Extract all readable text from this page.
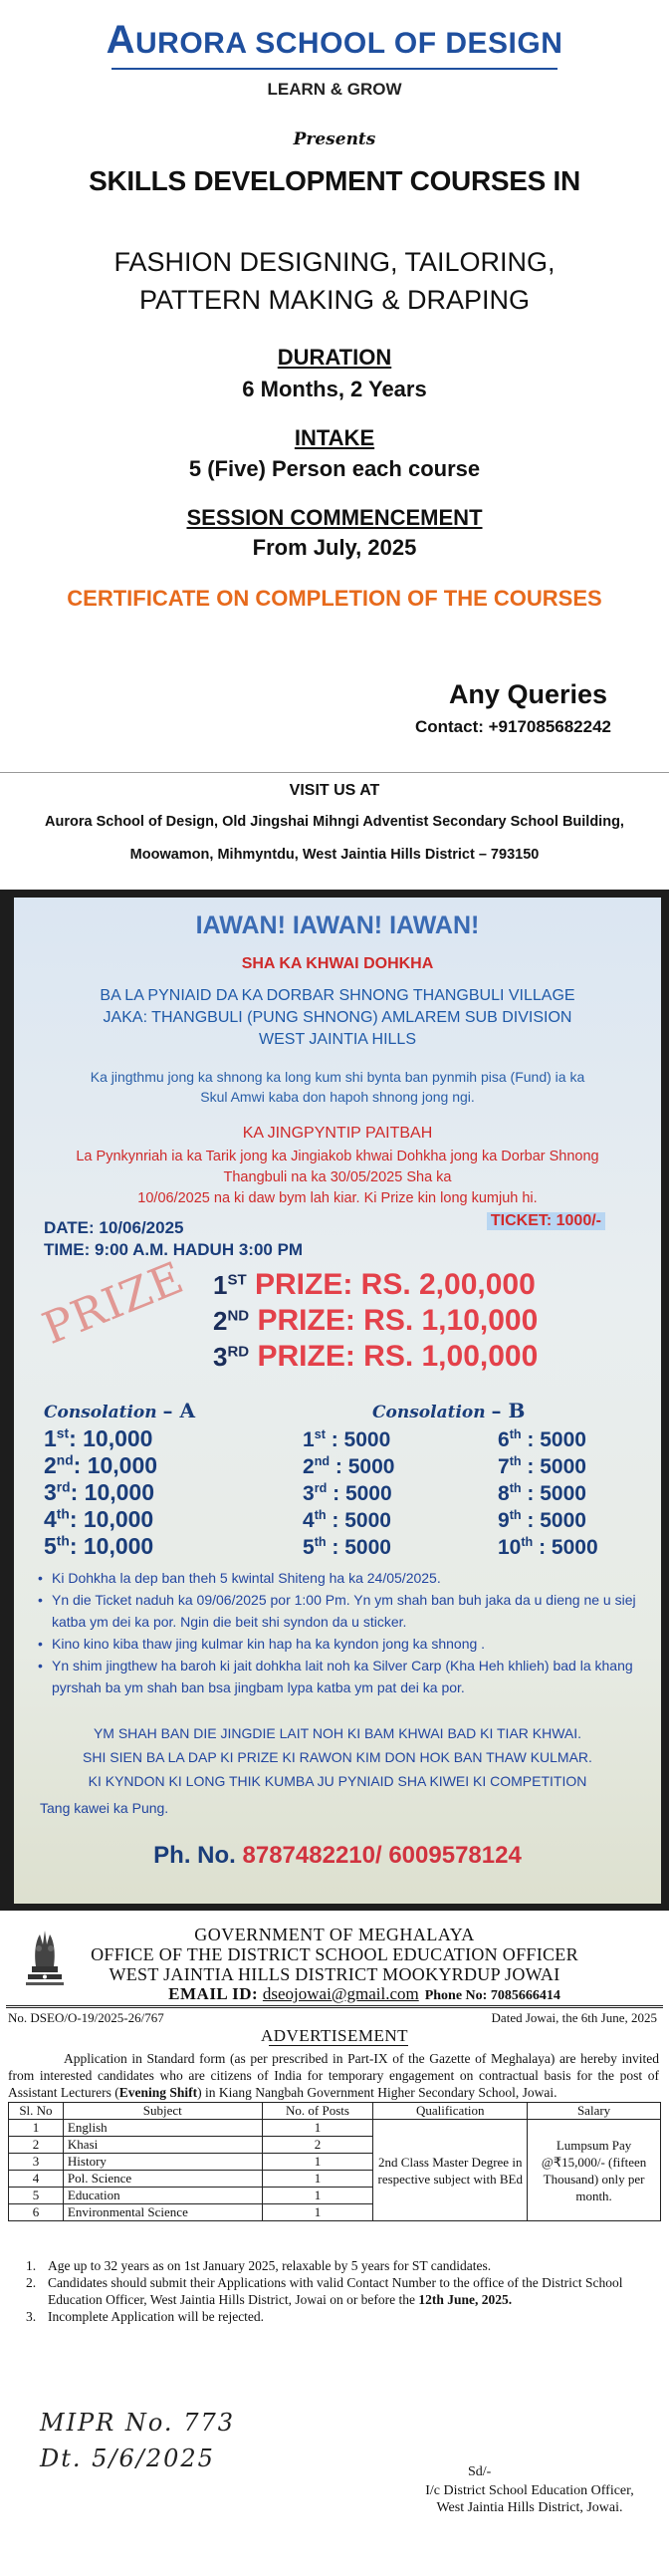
AURORA SCHOOL OF DESIGN
LEARN & GROW
Presents
SKILLS DEVELOPMENT COURSES IN
FASHION DESIGNING, TAILORING,
PATTERN MAKING & DRAPING
DURATION
6 Months, 2 Years
INTAKE
5 (Five) Person each course
SESSION COMMENCEMENT
From July, 2025
CERTIFICATE ON COMPLETION OF THE COURSES
Any Queries
Contact: +917085682242
VISIT US AT
Aurora School of Design, Old Jingshai Mihngi Adventist Secondary School Building,
Moowamon, Mihmyntdu, West Jaintia Hills District – 793150
IAWAN! IAWAN! IAWAN!
SHA KA KHWAI DOHKHA
BA LA PYNIAID DA KA DORBAR SHNONG THANGBULI VILLAGE
JAKA: THANGBULI (PUNG SHNONG) AMLAREM SUB DIVISION
WEST JAINTIA HILLS
Ka jingthmu jong ka shnong ka long kum shi bynta ban pynmih pisa (Fund) ia ka
Skul Amwi kaba don hapoh shnong jong ngi.
KA JINGPYNTIP PAITBAH
La Pynkynriah ia ka Tarik jong ka Jingiakob khwai Dohkha jong ka Dorbar Shnong
Thangbuli na ka 30/05/2025 Sha ka
10/06/2025 na ki daw bym lah kiar. Ki Prize kin long kumjuh hi.
DATE: 10/06/2025
TIME: 9:00 A.M. HADUH 3:00 PM
TICKET: 1000/-
PRIZE 1ST PRIZE: RS. 2,00,000
2ND PRIZE: RS. 1,10,000
3RD PRIZE: RS. 1,00,000
Consolation – A	Consolation – B
1st: 10,000
2nd: 10,000
3rd: 10,000
4th: 10,000
5th: 10,000
1st : 5000
2nd : 5000
3rd : 5000
4th : 5000
5th : 5000
6th : 5000
7th : 5000
8th : 5000
9th : 5000
10th : 5000
• Ki Dohkha la dep ban theh 5 kwintal Shiteng ha ka 24/05/2025.
• Yn die Ticket naduh ka 09/06/2025 por 1:00 Pm. Yn ym shah ban buh jaka da u dieng ne u siej
katba ym dei ka por. Ngin die beit shi syndon da u sticker.
• Kino kino kiba thaw jing kulmar kin hap ha ka kyndon jong ka shnong .
• Yn shim jingthew ha baroh ki jait dohkha lait noh ka Silver Carp (Kha Heh khlieh) bad la khang
pyrshah ba ym shah ban bsa jingbam lypa katba ym pat dei ka por.
YM SHAH BAN DIE JINGDIE LAIT NOH KI BAM KHWAI BAD KI TIAR KHWAI.
SHI SIEN BA LA DAP KI PRIZE KI RAWON KIM DON HOK BAN THAW KULMAR.
KI KYNDON KI LONG THIK KUMBA JU PYNIAID SHA KIWEI KI COMPETITION
Tang kawei ka Pung.
Ph. No. 8787482210/ 6009578124
GOVERNMENT OF MEGHALAYA
OFFICE OF THE DISTRICT SCHOOL EDUCATION OFFICER
WEST JAINTIA HILLS DISTRICT MOOKYRDUP JOWAI
EMAIL ID: dseojowai@gmail.com Phone No: 7085666414
No. DSEO/O-19/2025-26/767	Dated Jowai, the 6th June, 2025
ADVERTISEMENT
Application in Standard form (as per prescribed in Part-IX of the Gazette of Meghalaya) are hereby invited from interested candidates who are citizens of India for temporary engagement on contractual basis for the post of Assistant Lecturers (Evening Shift) in Kiang Nangbah Government Higher Secondary School, Jowai.
Sl. No	Subject	No. of Posts	Qualification	Salary
1	English	1	2nd Class Master Degree in respective subject with BEd	Lumpsum Pay @₹15,000/- (fifteen Thousand) only per month.
2	Khasi	2		
3	History	1		
4	Pol. Science	1		
5	Education	1		
6	Environmental Science	1		
1. Age up to 32 years as on 1st January 2025, relaxable by 5 years for ST candidates.
2. Candidates should submit their Applications with valid Contact Number to the office of the District School Education Officer, West Jaintia Hills District, Jowai on or before the 12th June, 2025.
3. Incomplete Application will be rejected.
MIPR No. 773
Dt. 5/6/2025	Sd/-
I/c District School Education Officer,
West Jaintia Hills District, Jowai.
